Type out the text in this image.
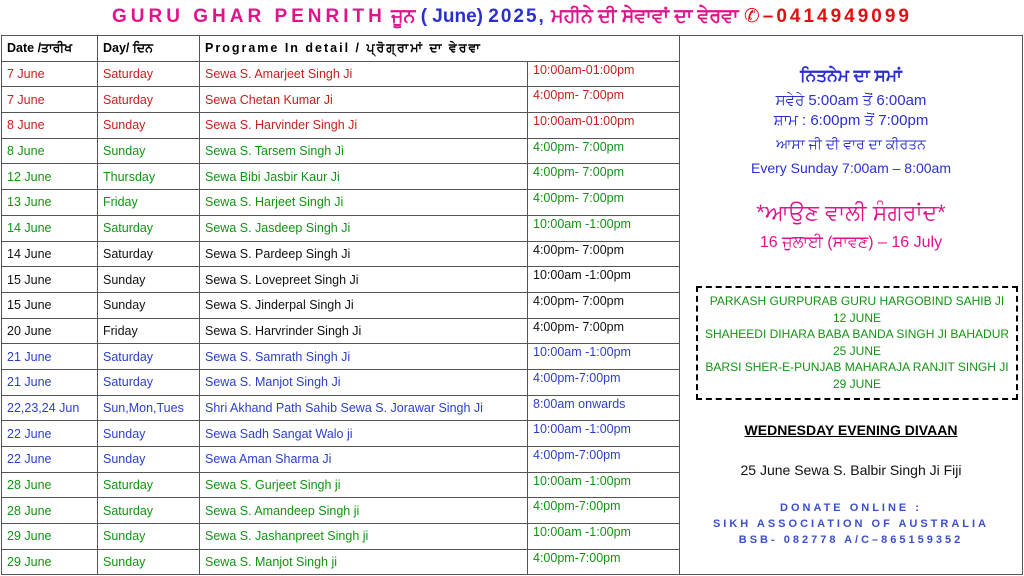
GURU GHAR PENRITH ਜੂਨ ( June) 2025, ਮਹੀਨੇ ਦੀ ਸੇਵਾਵਾਂ ਦਾ ਵੇਰਵਾ ✆–0414949099
Date /ਤਾਰੀਖ	Day/ ਦਿਨ	Programe In detail / ਪ੍ਰੋਗ੍ਰਾਮਾਂ ਦਾ ਵੇਰਵਾ	
7 June	Saturday	Sewa S. Amarjeet Singh Ji	10:00am-01:00pm
7 June	Saturday	Sewa Chetan Kumar Ji	4:00pm- 7:00pm
8 June	Sunday	Sewa S. Harvinder Singh Ji	10:00am-01:00pm
8 June	Sunday	Sewa S. Tarsem Singh Ji	4:00pm- 7:00pm
12 June	Thursday	Sewa Bibi Jasbir Kaur Ji	4:00pm- 7:00pm
13 June	Friday	Sewa S. Harjeet Singh Ji	4:00pm- 7:00pm
14 June	Saturday	Sewa S. Jasdeep Singh Ji	10:00am -1:00pm
14 June	Saturday	Sewa S. Pardeep Singh Ji	4:00pm- 7:00pm
15 June	Sunday	Sewa S. Lovepreet Singh Ji	10:00am -1:00pm
15 June	Sunday	Sewa S. Jinderpal Singh Ji	4:00pm- 7:00pm
20 June	Friday	Sewa S. Harvrinder Singh Ji	4:00pm- 7:00pm
21 June	Saturday	Sewa S. Samrath Singh Ji	10:00am -1:00pm
21 June	Saturday	Sewa S. Manjot Singh Ji	4:00pm-7:00pm
22,23,24 Jun	Sun,Mon,Tues	Shri Akhand Path Sahib Sewa S. Jorawar Singh Ji	8:00am onwards
22 June	Sunday	Sewa Sadh Sangat Walo ji	10:00am -1:00pm
22 June	Sunday	Sewa Aman Sharma Ji	4:00pm-7:00pm
28 June	Saturday	Sewa S. Gurjeet Singh ji	10:00am -1:00pm
28 June	Saturday	Sewa S. Amandeep Singh ji	4:00pm-7:00pm
29 June	Sunday	Sewa S. Jashanpreet Singh ji	10:00am -1:00pm
29 June	Sunday	Sewa S. Manjot Singh ji	4:00pm-7:00pm
ਨਿਤਨੇਮ ਦਾ ਸਮਾਂ
ਸਵੇਰੇ 5:00am ਤੋਂ 6:00am
ਸ਼ਾਮ : 6:00pm ਤੋਂ 7:00pm
ਆਸਾ ਜੀ ਦੀ ਵਾਰ ਦਾ ਕੀਰਤਨ
Every Sunday 7:00am – 8:00am
*ਆਉਣ ਵਾਲੀ ਸੰਗਰਾਂਦ*
16 ਜੁਲਾਈ (ਸਾਵਣ) – 16 July
PARKASH GURPURAB GURU HARGOBIND SAHIB JI
12 JUNE
SHAHEEDI DIHARA BABA BANDA SINGH JI BAHADUR
25 JUNE
BARSI SHER-E-PUNJAB MAHARAJA RANJIT SINGH JI
29 JUNE
WEDNESDAY EVENING DIVAAN
25 June Sewa S. Balbir Singh Ji Fiji
DONATE ONLINE :
SIKH ASSOCIATION OF AUSTRALIA
BSB- 082778 A/C–865159352
